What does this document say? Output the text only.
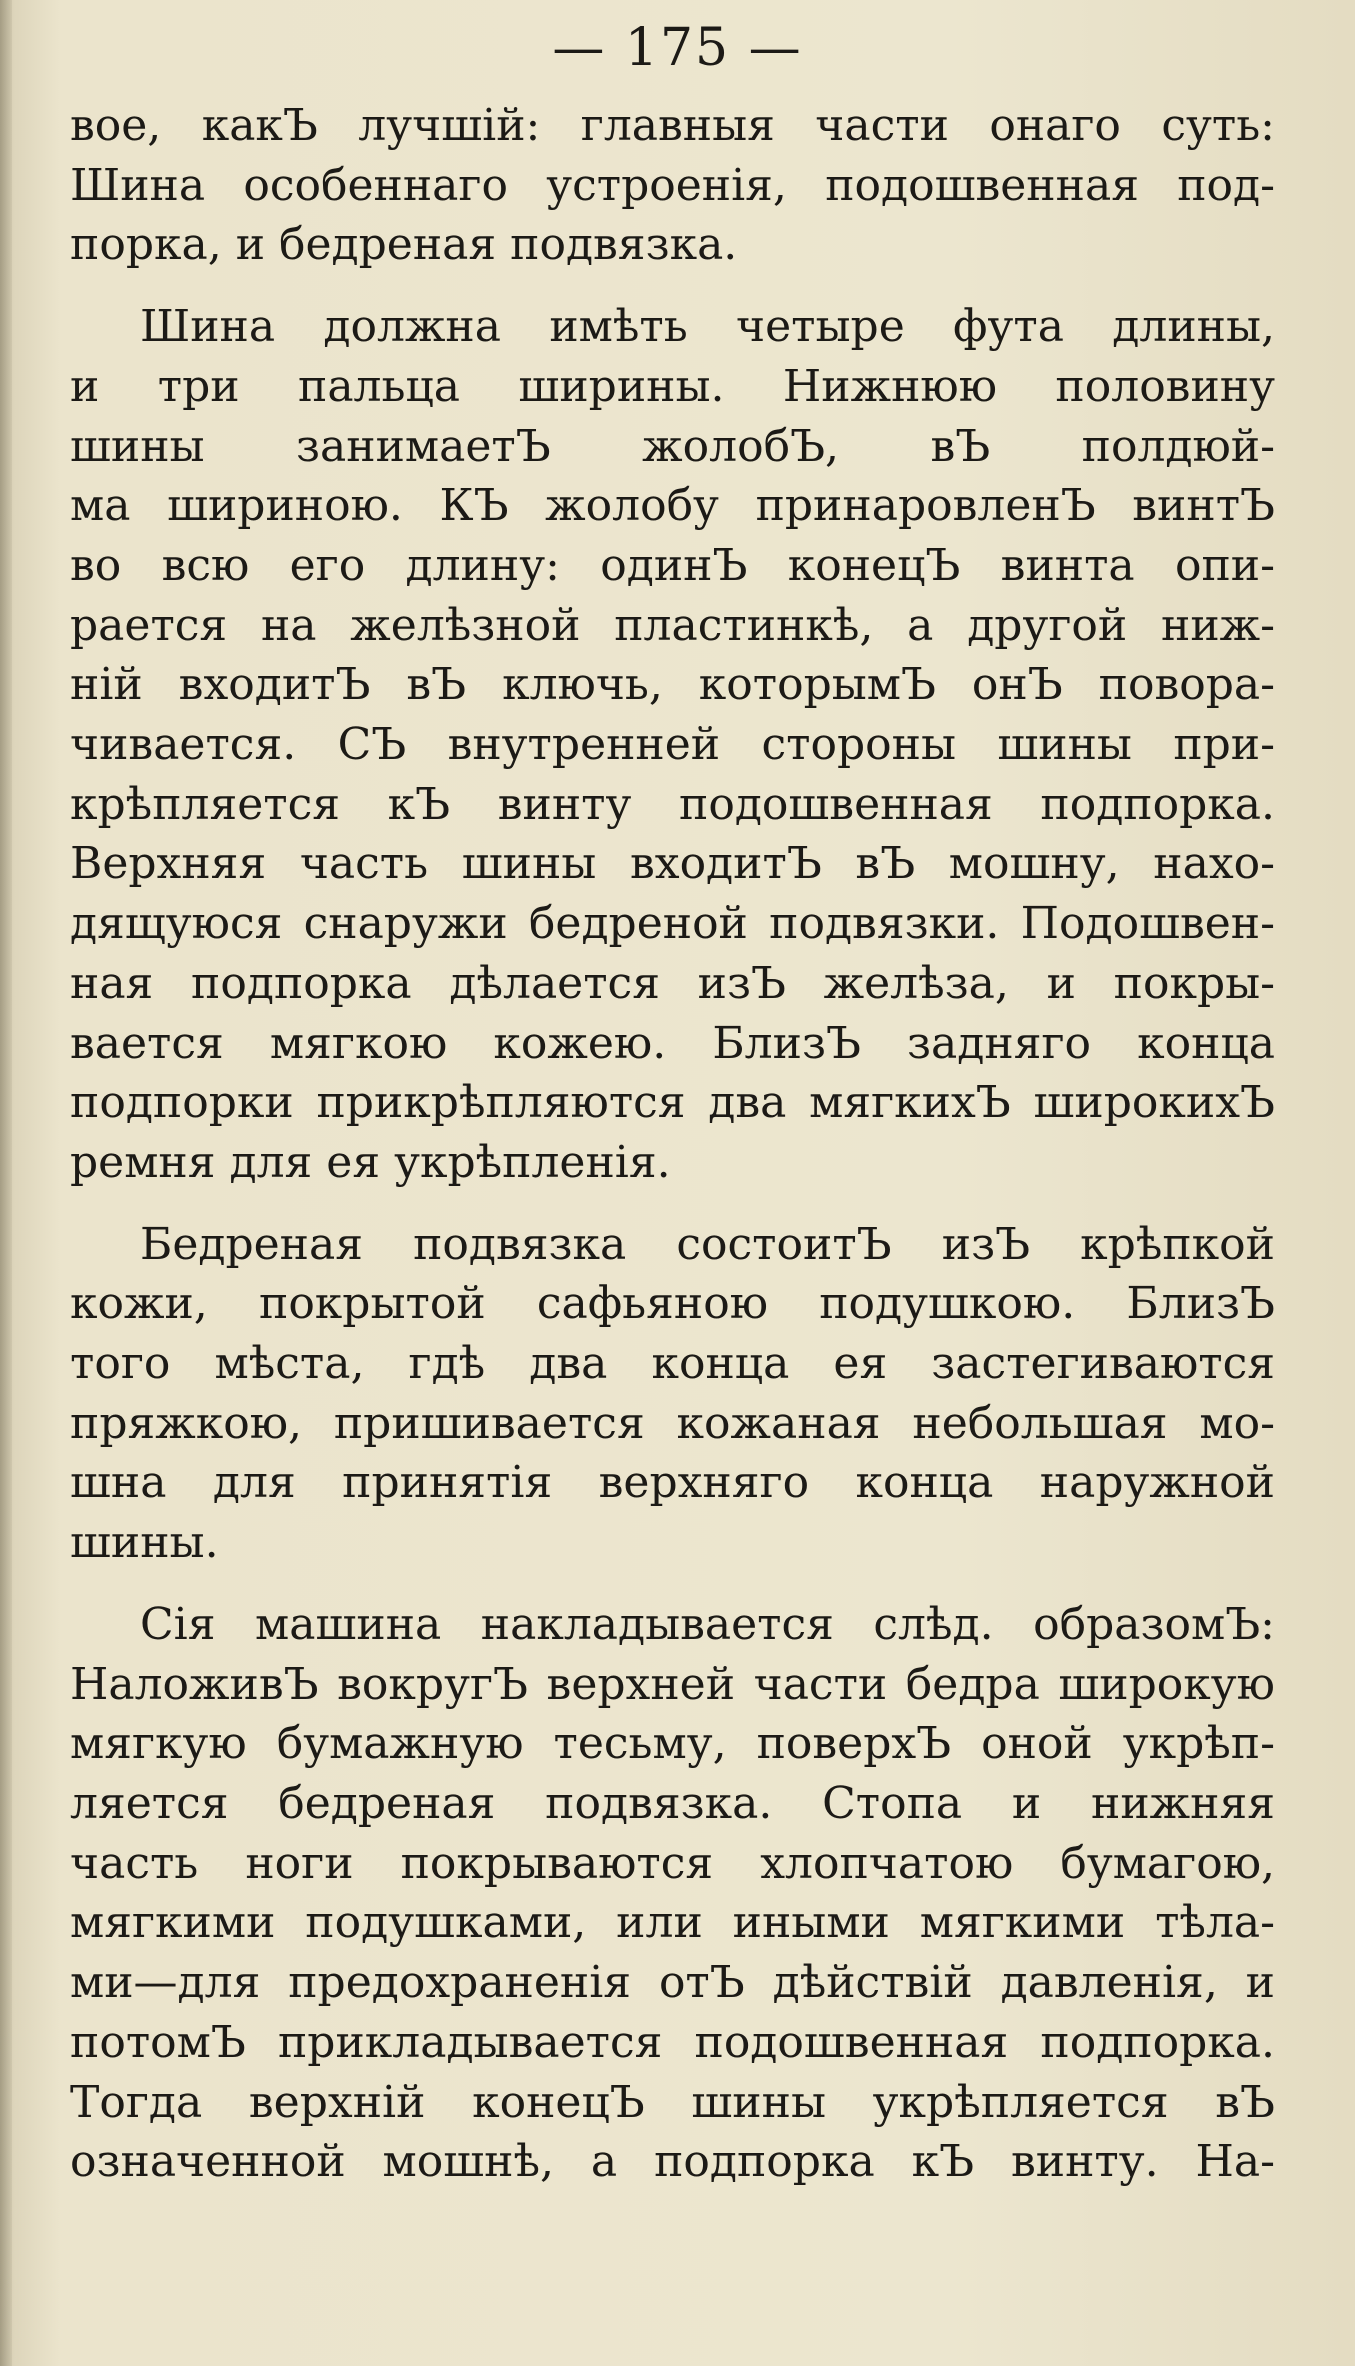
— 175 —
вое, какЪ лучшій: главныя части онаго суть:
Шина особеннаго устроенія, подошвенная под-
порка, и бедреная подвязка.
Шина должна имѣть четыре фута длины,
и три пальца ширины. Нижнюю половину
шины занимаетЪ жолобЪ, вЪ полдюй-
ма шириною. КЪ жолобу принаровленЪ винтЪ
во всю его длину: одинЪ конецЪ винта опи-
рается на желѣзной пластинкѣ, а другой ниж-
ній входитЪ вЪ ключь, которымЪ онЪ повора-
чивается. СЪ внутренней стороны шины при-
крѣпляется кЪ винту подошвенная подпорка.
Верхняя часть шины входитЪ вЪ мошну, нахо-
дящуюся снаружи бедреной подвязки. Подошвен-
ная подпорка дѣлается изЪ желѣза, и покры-
вается мягкою кожею. БлизЪ задняго конца
подпорки прикрѣпляются два мягкихЪ широкихЪ
ремня для ея укрѣпленія.
Бедреная подвязка состоитЪ изЪ крѣпкой
кожи, покрытой сафьяною подушкою. БлизЪ
того мѣста, гдѣ два конца ея застегиваются
пряжкою, пришивается кожаная небольшая мо-
шна для принятія верхняго конца наружной
шины.
Сія машина накладывается слѣд. образомЪ:
НаложивЪ вокругЪ верхней части бедра широкую
мягкую бумажную тесьму, поверхЪ оной укрѣп-
ляется бедреная подвязка. Стопа и нижняя
часть ноги покрываются хлопчатою бумагою,
мягкими подушками, или иными мягкими тѣла-
ми—для предохраненія отЪ дѣйствій давленія, и
потомЪ прикладывается подошвенная подпорка.
Тогда верхній конецЪ шины укрѣпляется вЪ
означенной мошнѣ, а подпорка кЪ винту. На-
